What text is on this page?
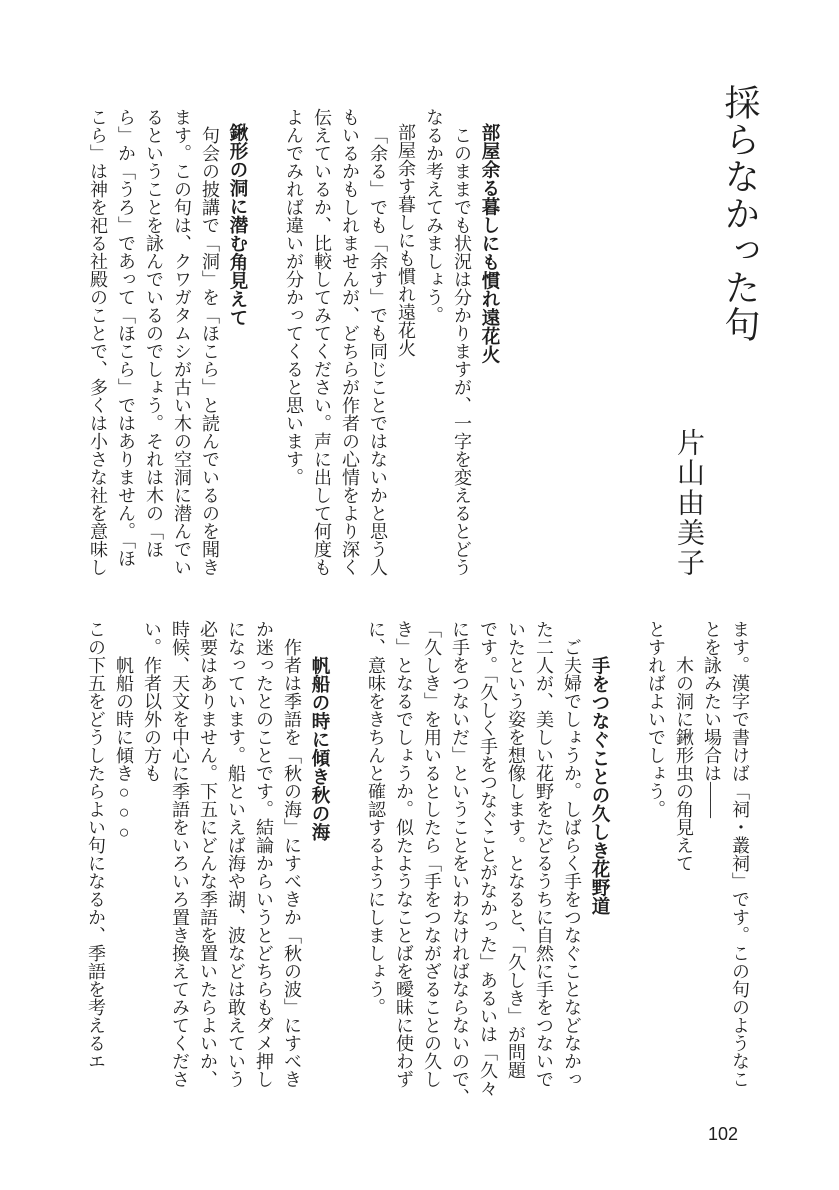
採らなかった句
片山由美子
部屋余る暮しにも慣れ遠花火
このままでも状況は分かりますが、一字を変えるとどう
なるか考えてみましょう。
部屋余す暮しにも慣れ遠花火
「余る」でも「余す」でも同じことではないかと思う人
もいるかもしれませんが、どちらが作者の心情をより深く
伝えているか、比較してみてください。声に出して何度も
よんでみれば違いが分かってくると思います。
鍬形の洞に潜む角見えて
句会の披講で「洞」を「ほこら」と読んでいるのを聞き
ます。この句は、クワガタムシが古い木の空洞に潜んでい
るということを詠んでいるのでしょう。それは木の「ほ
ら」か「うろ」であって「ほこら」ではありません。「ほ
こら」は神を祀る社殿のことで、多くは小さな社を意味し
ます。漢字で書けば「祠・叢祠」です。この句のようなこ
とを詠みたい場合は——
木の洞に鍬形虫の角見えて
とすればよいでしょう。
手をつなぐことの久しき花野道
ご夫婦でしょうか。しばらく手をつなぐことなどなかっ
た二人が、美しい花野をたどるうちに自然に手をつないで
いたという姿を想像します。となると、「久しき」が問題
です。「久しく手をつなぐことがなかった」あるいは「久々
に手をつないだ」ということをいわなければならないので、
「久しき」を用いるとしたら「手をつながざることの久し
き」となるでしょうか。似たようなことばを曖昧に使わず
に、意味をきちんと確認するようにしましょう。
帆船の時に傾き秋の海
作者は季語を「秋の海」にすべきか「秋の波」にすべき
か迷ったとのことです。結論からいうとどちらもダメ押し
になっています。船といえば海や湖、波などは敢えていう
必要はありません。下五にどんな季語を置いたらよいか、
時候、天文を中心に季語をいろいろ置き換えてみてくださ
い。作者以外の方も
帆船の時に傾き○○○
この下五をどうしたらよい句になるか、季語を考えるエ
102
